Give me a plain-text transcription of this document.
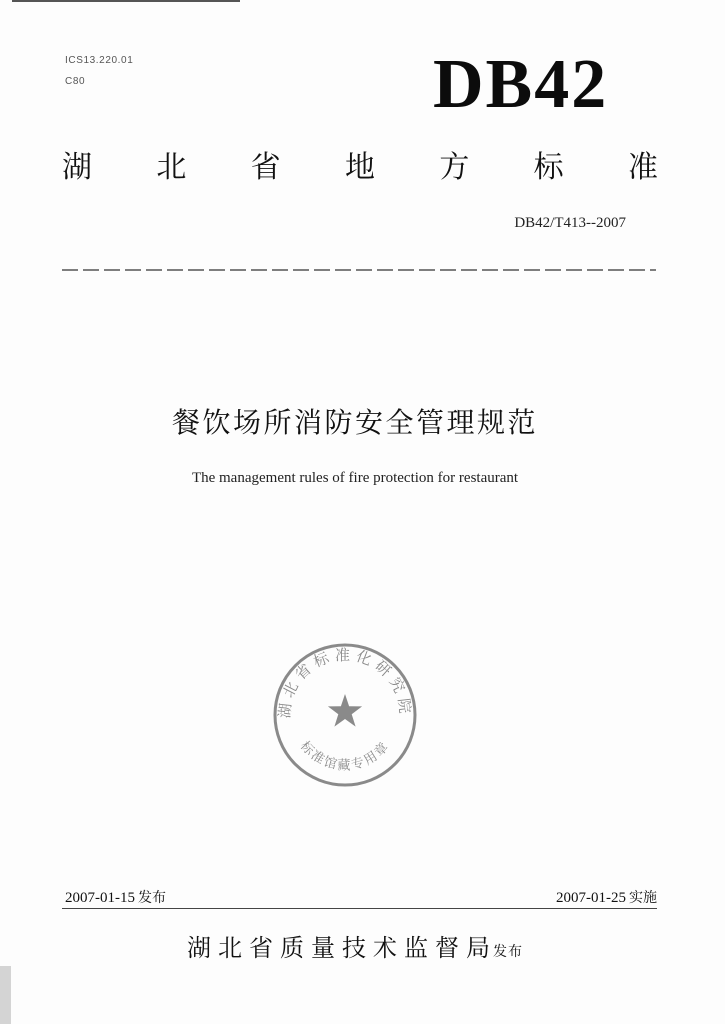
ICS13.220.01
C80	DB42
湖 北 省 地 方 标 准
DB42/T413--2007
餐饮场所消防安全管理规范
The management rules of fire protection for restaurant
湖北省标准化研究院
标准馆藏专用章
2007-01-15 发布	2007-01-25 实施
湖北省质量技术监督局
发布
